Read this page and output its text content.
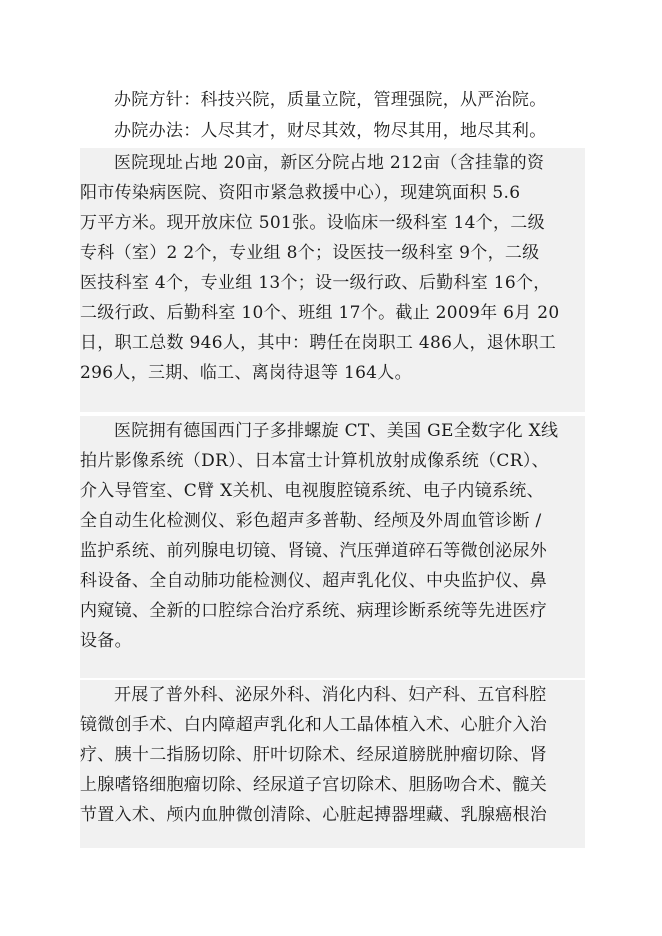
办院方针：科技兴院，质量立院，管理强院，从严治院。

办院办法：人尽其才，财尽其效，物尽其用，地尽其利。

医院现址占地 20亩，新区分院占地 212亩（含挂靠的资
阳市传染病医院、资阳市紧急救援中心），现建筑面积 5.6
万平方米。现开放床位 501张。设临床一级科室 14个，二级
专科（室）2 2个，专业组 8个；设医技一级科室 9个，二级
医技科室 4个，专业组 13个；设一级行政、后勤科室 16个，
二级行政、后勤科室 10个、班组 17个。截止 2009年 6月 20
日，职工总数 946人，其中：聘任在岗职工 486人，退休职工
296人，三期、临工、离岗待退等 164人。

医院拥有德国西门子多排螺旋 CT、美国 GE全数字化 X线
拍片影像系统（DR）、日本富士计算机放射成像系统（CR）、
介入导管室、C臂 X关机、电视腹腔镜系统、电子内镜系统、
全自动生化检测仪、彩色超声多普勒、经颅及外周血管诊断 /
监护系统、前列腺电切镜、肾镜、汽压弹道碎石等微创泌尿外
科设备、全自动肺功能检测仪、超声乳化仪、中央监护仪、鼻
内窥镜、全新的口腔综合治疗系统、病理诊断系统等先进医疗
设备。

开展了普外科、泌尿外科、消化内科、妇产科、五官科腔
镜微创手术、白内障超声乳化和人工晶体植入术、心脏介入治
疗、胰十二指肠切除、肝叶切除术、经尿道膀胱肿瘤切除、肾
上腺嗜铬细胞瘤切除、经尿道子宫切除术、胆肠吻合术、髋关
节置入术、颅内血肿微创清除、心脏起搏器埋藏、乳腺癌根治
